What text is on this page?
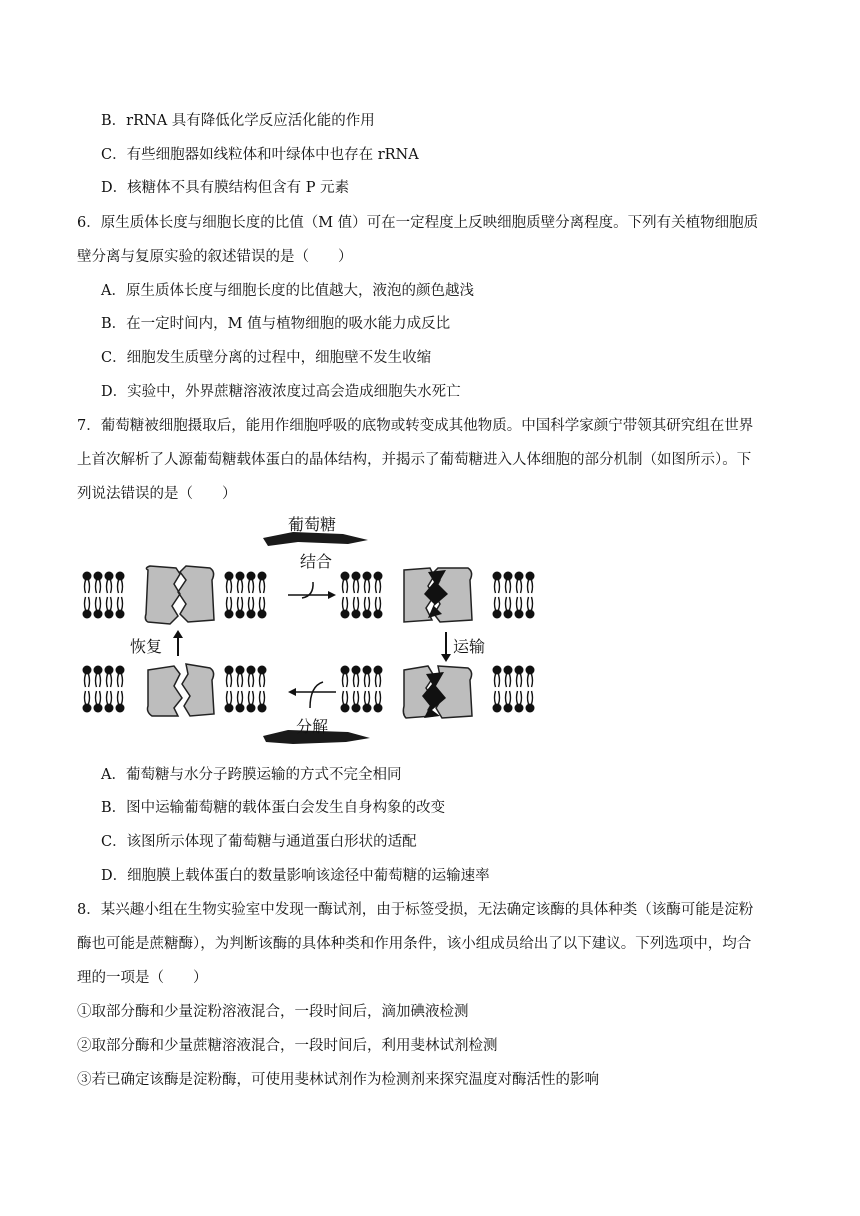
B．rRNA 具有降低化学反应活化能的作用
C．有些细胞器如线粒体和叶绿体中也存在 rRNA
D．核糖体不具有膜结构但含有 P 元素
6．原生质体长度与细胞长度的比值（M 值）可在一定程度上反映细胞质壁分离程度。下列有关植物细胞质
壁分离与复原实验的叙述错误的是（　　）
A．原生质体长度与细胞长度的比值越大，液泡的颜色越浅
B．在一定时间内，M 值与植物细胞的吸水能力成反比
C．细胞发生质壁分离的过程中，细胞壁不发生收缩
D．实验中，外界蔗糖溶液浓度过高会造成细胞失水死亡
7．葡萄糖被细胞摄取后，能用作细胞呼吸的底物或转变成其他物质。中国科学家颜宁带领其研究组在世界
上首次解析了人源葡萄糖载体蛋白的晶体结构，并揭示了葡萄糖进入人体细胞的部分机制（如图所示）。下
列说法错误的是（　　）
葡萄糖
结合
运输
恢复
分解
A．葡萄糖与水分子跨膜运输的方式不完全相同
B．图中运输葡萄糖的载体蛋白会发生自身构象的改变
C．该图所示体现了葡萄糖与通道蛋白形状的适配
D．细胞膜上载体蛋白的数量影响该途径中葡萄糖的运输速率
8．某兴趣小组在生物实验室中发现一酶试剂，由于标签受损，无法确定该酶的具体种类（该酶可能是淀粉
酶也可能是蔗糖酶），为判断该酶的具体种类和作用条件，该小组成员给出了以下建议。下列选项中，均合
理的一项是（　　）
①取部分酶和少量淀粉溶液混合，一段时间后，滴加碘液检测
②取部分酶和少量蔗糖溶液混合，一段时间后，利用斐林试剂检测
③若已确定该酶是淀粉酶，可使用斐林试剂作为检测剂来探究温度对酶活性的影响
